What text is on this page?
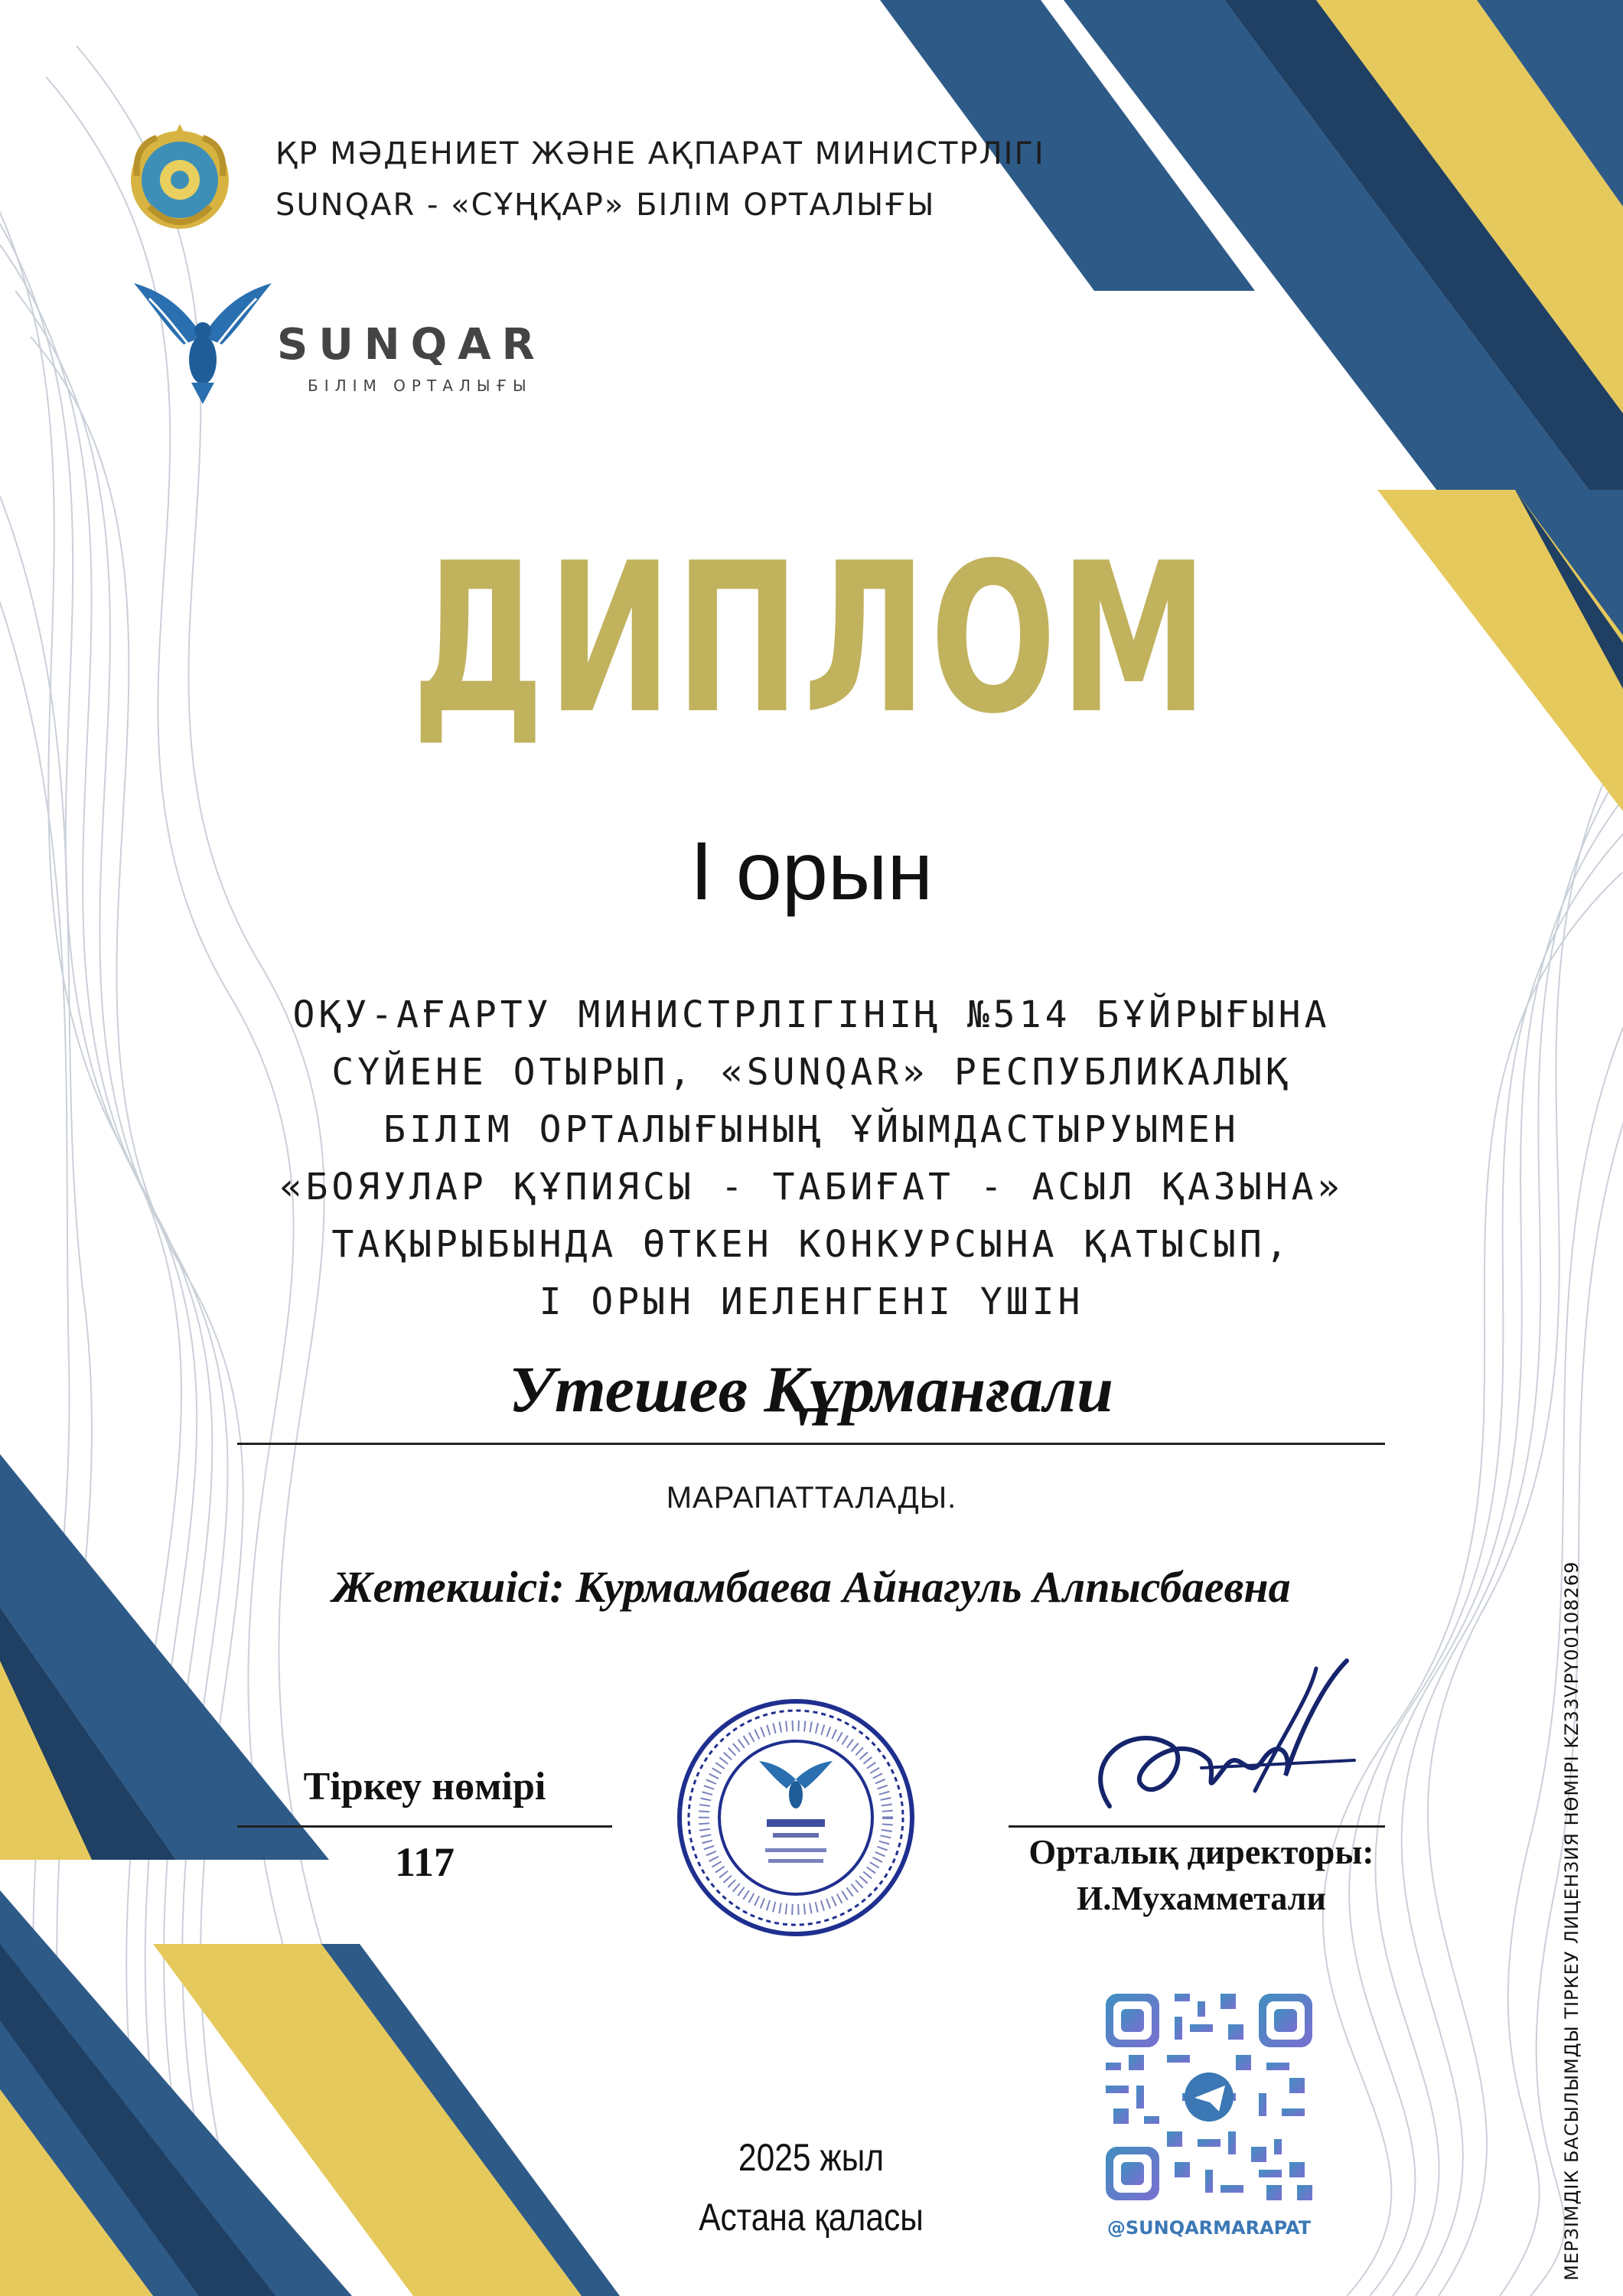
ҚР МӘДЕНИЕТ ЖӘНЕ АҚПАРАТ МИНИСТРЛІГІ
SUNQAR - «СҰҢҚАР» БІЛІМ ОРТАЛЫҒЫ
SUNQAR
БІЛІМ ОРТАЛЫҒЫ
ДИПЛОМ
I орын
ОҚУ-АҒАРТУ МИНИСТРЛІГІНІҢ №514 БҰЙРЫҒЫНА
СҮЙЕНЕ ОТЫРЫП, «SUNQAR» РЕСПУБЛИКАЛЫҚ
БІЛІМ ОРТАЛЫҒЫНЫҢ ҰЙЫМДАСТЫРУЫМЕН
«БОЯУЛАР ҚҰПИЯСЫ - ТАБИҒАТ - АСЫЛ ҚАЗЫНА»
ТАҚЫРЫБЫНДА ӨТКЕН КОНКУРСЫНА ҚАТЫСЫП,
I ОРЫН ИЕЛЕНГЕНІ ҮШІН
Утешев Құрманғали
МАРАПАТТАЛАДЫ.
Жетекшісі: Курмамбаева Айнагуль Алпысбаевна
Тіркеу нөмірі
117	Орталық директоры:
И.Мухамметали
2025 жыл
Астана қаласы	@SUNQARMARAPAT	МЕРЗІМДІК БАСЫЛЫМДЫ ТІРКЕУ ЛИЦЕНЗИЯ НӨМІРІ KZ33VPY00108269
